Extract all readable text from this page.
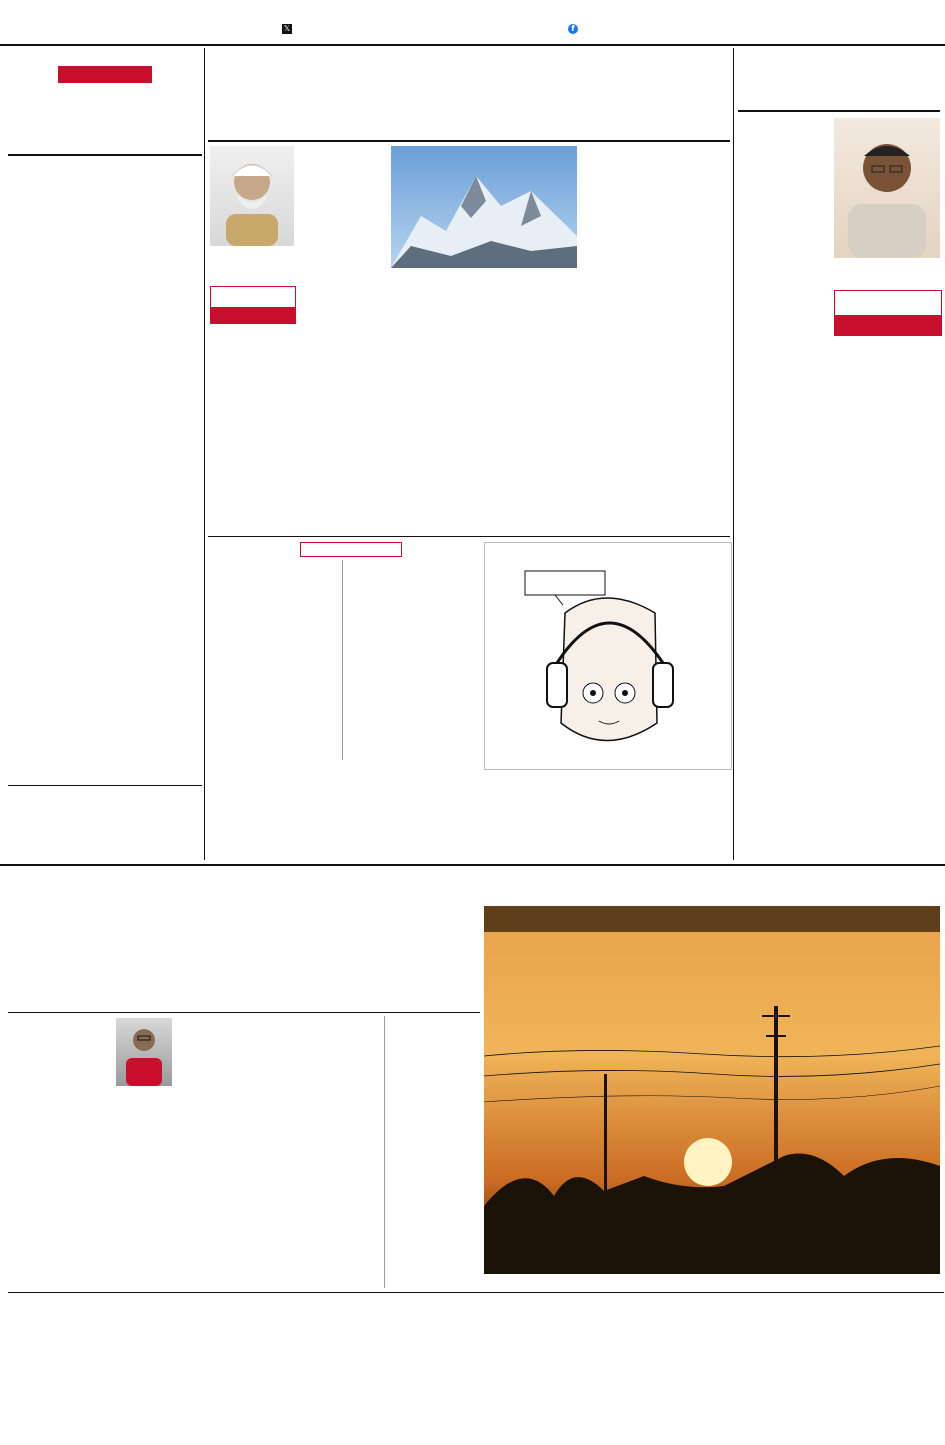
𝕏	f
